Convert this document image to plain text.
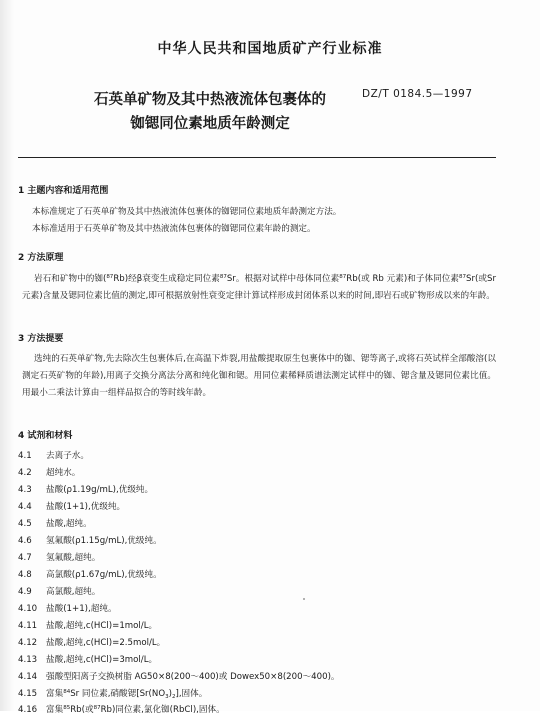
中华人民共和国地质矿产行业标准
石英单矿物及其中热液流体包裹体的
铷锶同位素地质年龄测定
DZ/T 0184.5—1997
1 主题内容和适用范围
本标准规定了石英单矿物及其中热液流体包裹体的铷锶同位素地质年龄测定方法。
本标准适用于石英单矿物及其中热液流体包裹体的铷锶同位素年龄的测定。
2 方法原理
岩石和矿物中的铷($^{87}$Rb)经β衰变生成稳定同位素$^{87}$Sr。根据对试样中母体同位素$^{87}$Rb(或 Rb 元素)和子体同位素$^{87}$Sr(或Sr 元素)含量及锶同位素比值的测定,即可根据放射性衰变定律计算试样形成封闭体系以来的时间,即岩石或矿物形成以来的年龄。
3 方法提要
选纯的石英单矿物,先去除次生包裹体后,在高温下炸裂,用盐酸提取原生包裹体中的铷、锶等离子,或将石英试样全部酸溶(以测定石英矿物的年龄),用离子交换分离法分离和纯化铷和锶。用同位素稀释质谱法测定试样中的铷、锶含量及锶同位素比值。用最小二乘法计算由一组样品拟合的等时线年龄。
4 试剂和材料
4.1 去离子水。
4.2 超纯水。
4.3 盐酸(ρ1.19g/mL),优级纯。
4.4 盐酸(1+1),优级纯。
4.5 盐酸,超纯。
4.6 氢氟酸(ρ1.15g/mL),优级纯。
4.7 氢氟酸,超纯。
4.8 高氯酸(ρ1.67g/mL),优级纯。
4.9 高氯酸,超纯。
4.10 盐酸(1+1),超纯。
4.11 盐酸,超纯,c(HCl)=1mol/L。
4.12 盐酸,超纯,c(HCl)=2.5mol/L。
4.13 盐酸,超纯,c(HCl)=3mol/L。
4.14 强酸型阳离子交换树脂 AG50×8(200～400)或 Dowex50×8(200～400)。
4.15 富集$^{84}$Sr 同位素,硝酸锶$[Sr(NO_3)_2]$,固体。
4.16 富集$^{85}$Rb(或$^{87}$Rb)同位素,氯化铷(RbCl),固体。
